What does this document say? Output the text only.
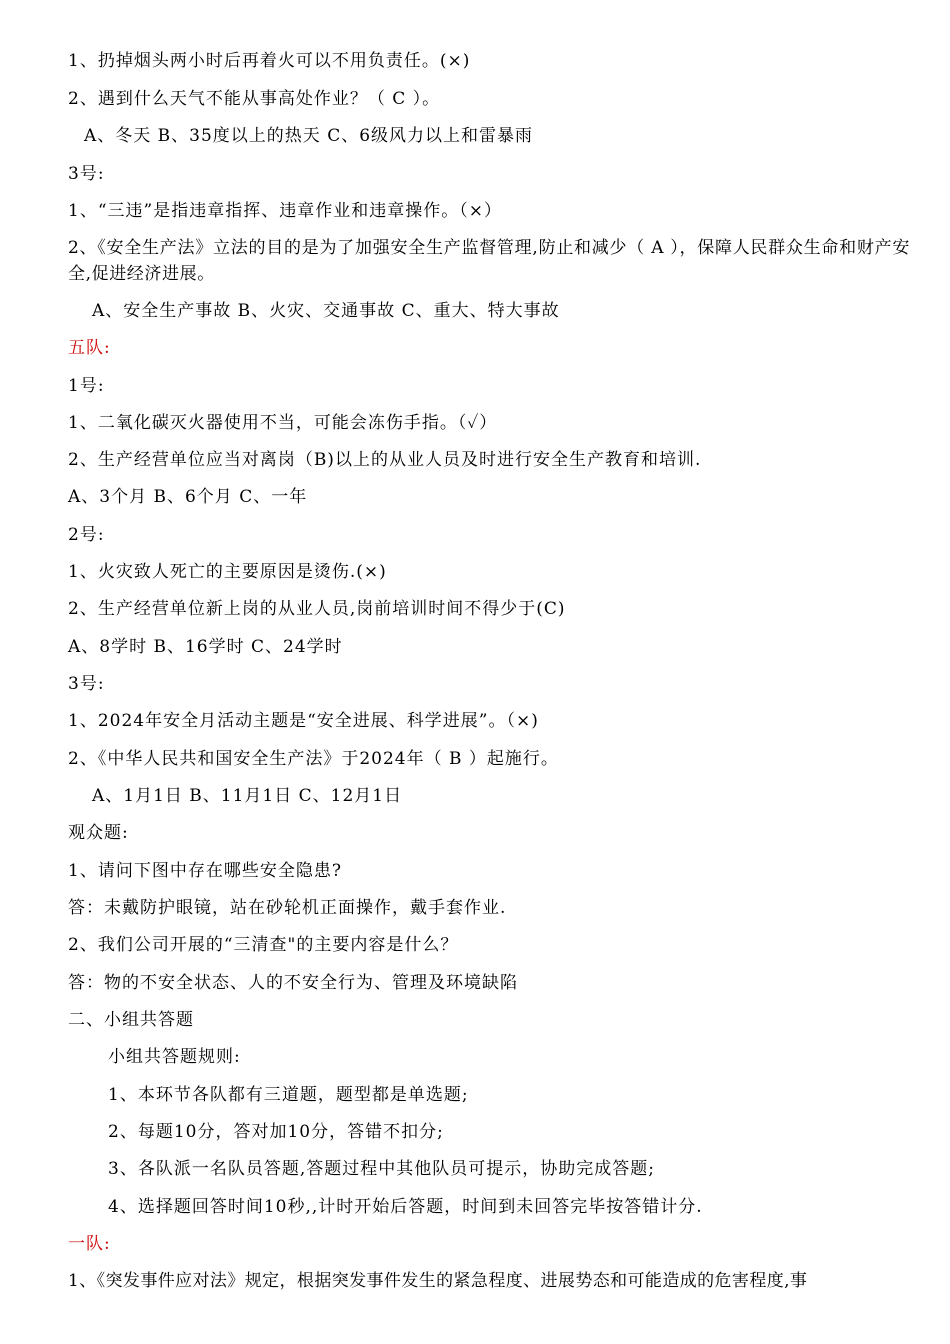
1、扔掉烟头两小时后再着火可以不用负责任。(×)
2、遇到什么天气不能从事高处作业？（ C ）。
A、冬天 B、35度以上的热天 C、6级风力以上和雷暴雨
3号:
1、“三违”是指违章指挥、违章作业和违章操作。（×）
2、《安全生产法》立法的目的是为了加强安全生产监督管理,防止和减少（ A ），保障人民群众生命和财产安全,促进经济进展。
A、安全生产事故 B、火灾、交通事故 C、重大、特大事故
五队:
1号:
1、二氧化碳灭火器使用不当，可能会冻伤手指。（✓）
2、生产经营单位应当对离岗（B)以上的从业人员及时进行安全生产教育和培训.
A、3个月 B、6个月 C、一年
2号:
1、火灾致人死亡的主要原因是烫伤.(×)
2、生产经营单位新上岗的从业人员,岗前培训时间不得少于(C)
A、8学时 B、16学时 C、24学时
3号:
1、2024年安全月活动主题是“安全进展、科学进展”。（×)
2、《中华人民共和国安全生产法》于2024年（ B ）起施行。
A、1月1日 B、11月1日 C、12月1日
观众题:
1、请问下图中存在哪些安全隐患?
答：未戴防护眼镜，站在砂轮机正面操作，戴手套作业.
2、我们公司开展的“三清查"的主要内容是什么？
答：物的不安全状态、人的不安全行为、管理及环境缺陷
二、小组共答题
小组共答题规则:
1、本环节各队都有三道题，题型都是单选题;
2、每题10分，答对加10分，答错不扣分;
3、各队派一名队员答题,答题过程中其他队员可提示，协助完成答题;
4、选择题回答时间10秒,,计时开始后答题，时间到未回答完毕按答错计分.
一队:
1、《突发事件应对法》规定，根据突发事件发生的紧急程度、进展势态和可能造成的危害程度,事
